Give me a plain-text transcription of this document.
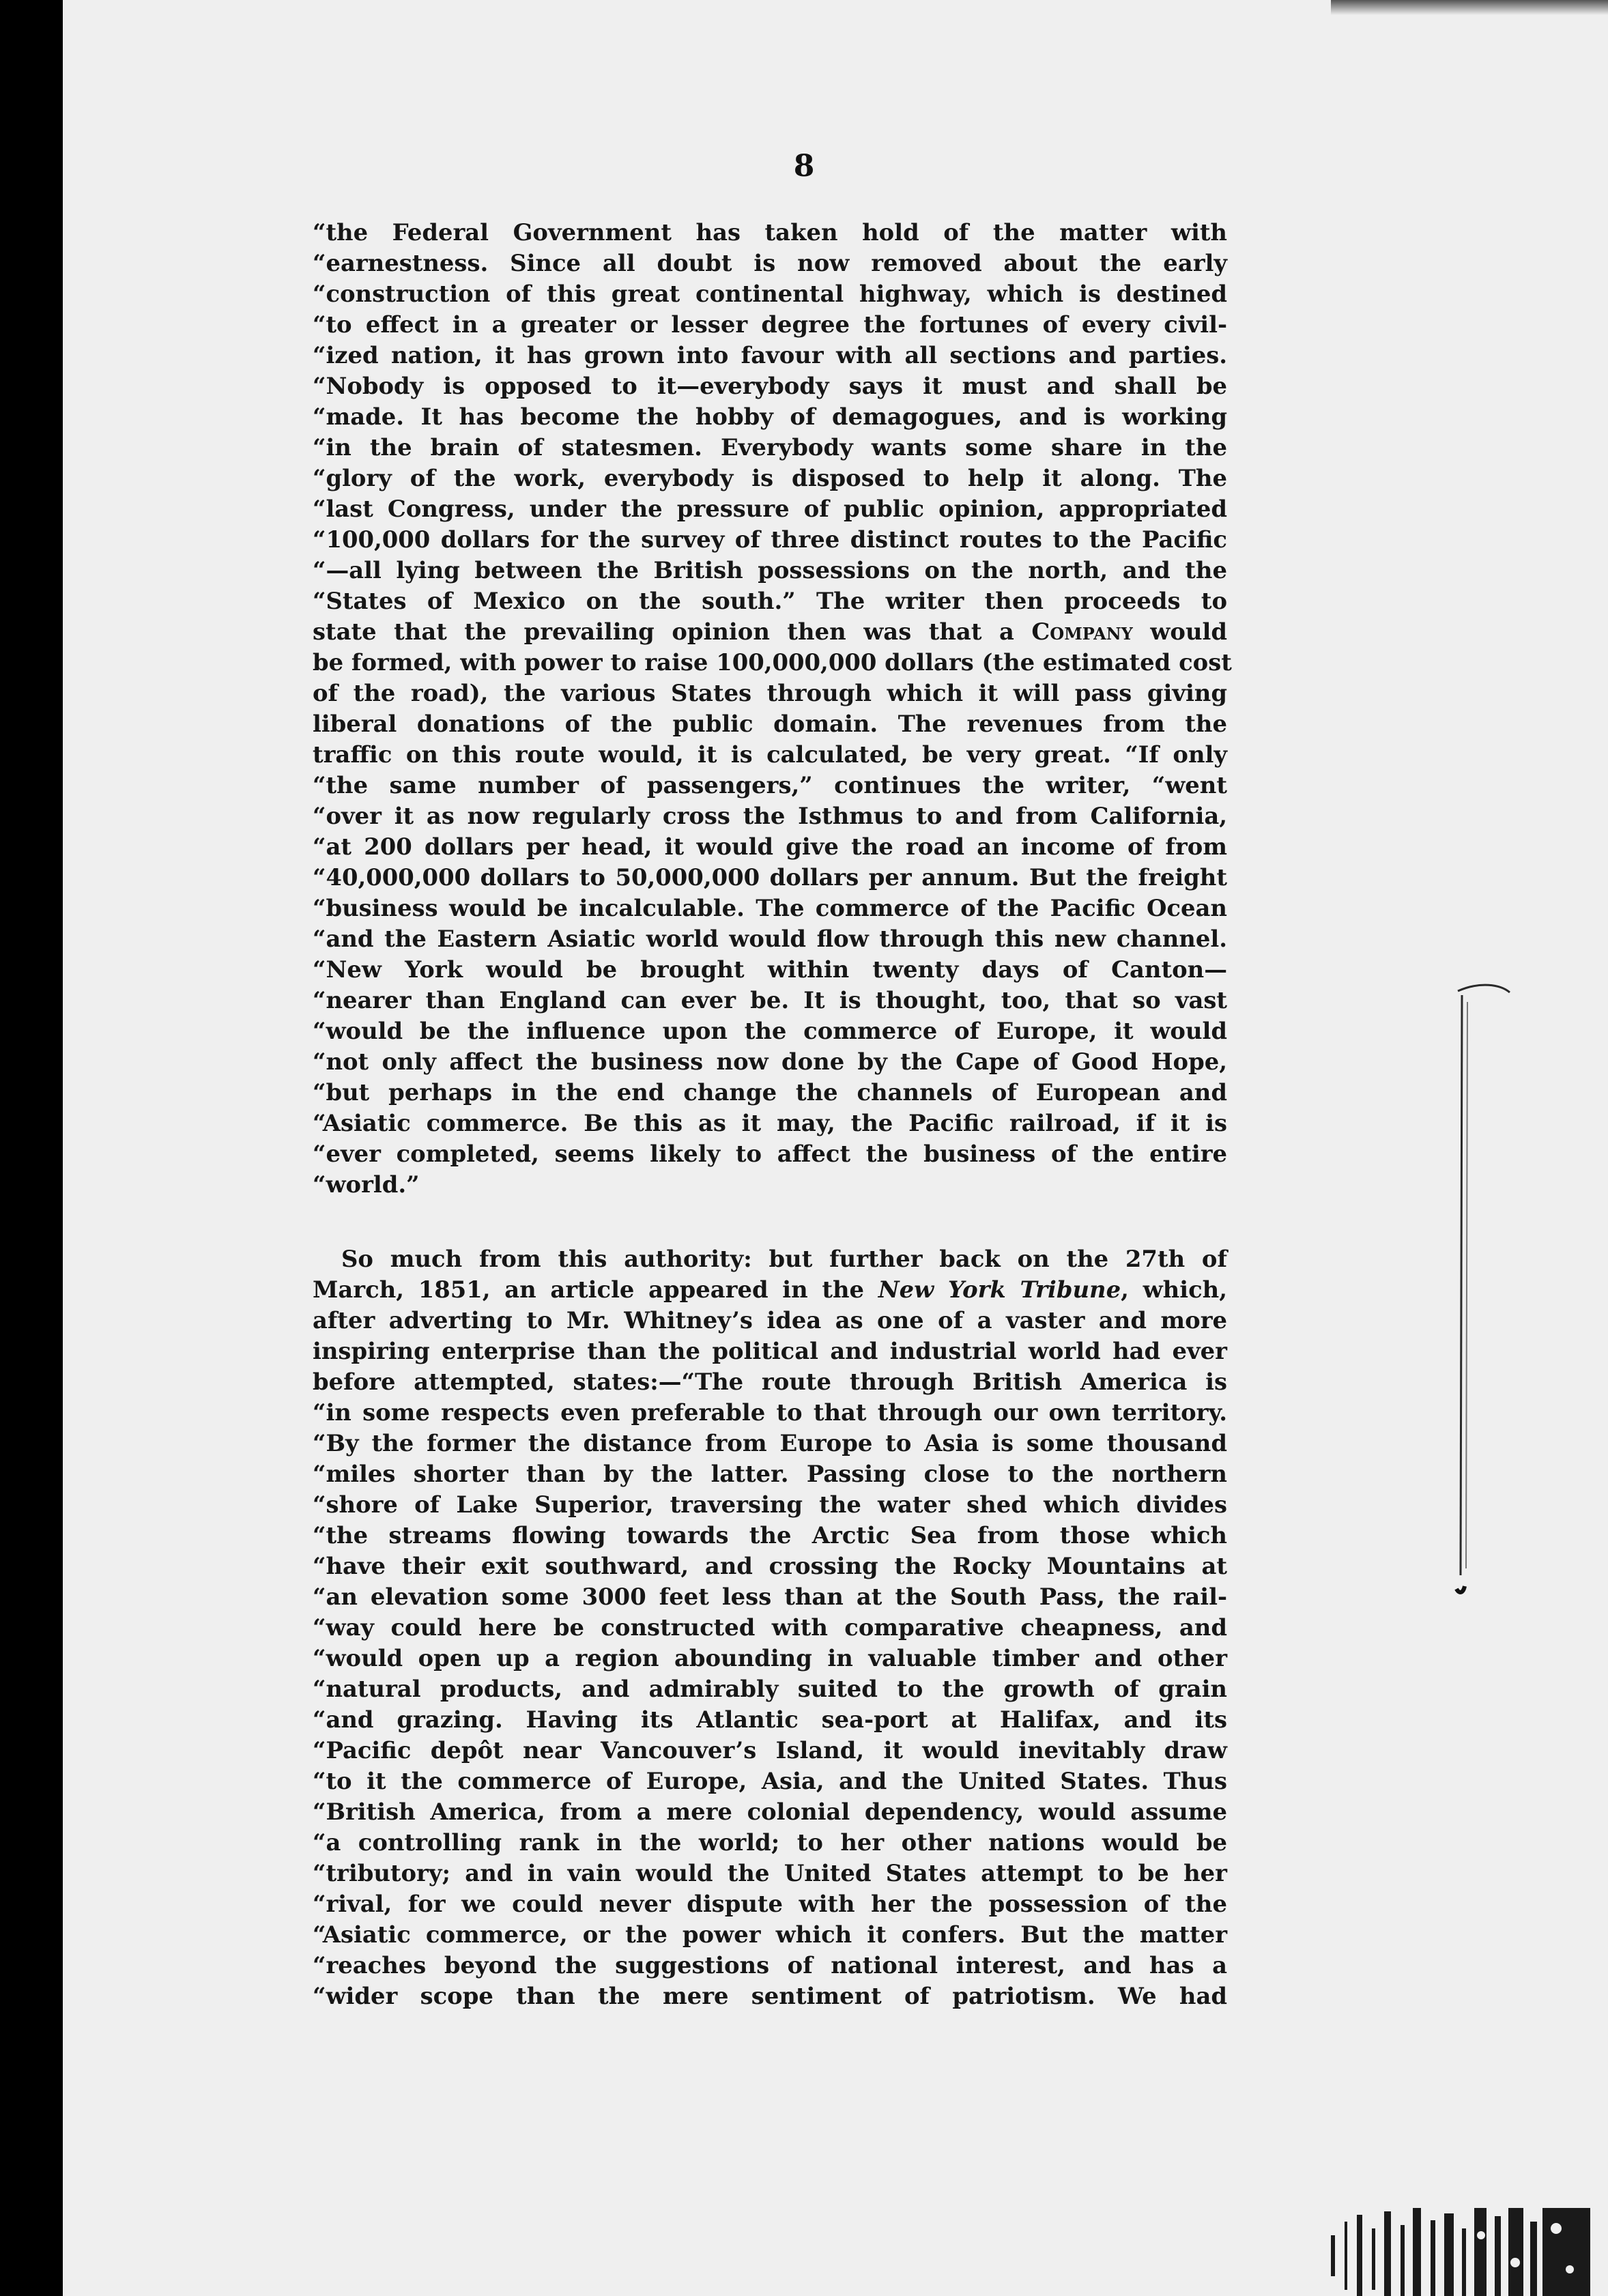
8

“the Federal Government has taken hold of the matter with
“earnestness. Since all doubt is now removed about the early
“construction of this great continental highway, which is destined
“to effect in a greater or lesser degree the fortunes of every civil-
“ized nation, it has grown into favour with all sections and parties.
“Nobody is opposed to it—everybody says it must and shall be
“made. It has become the hobby of demagogues, and is working
“in the brain of statesmen. Everybody wants some share in the
“glory of the work, everybody is disposed to help it along. The
“last Congress, under the pressure of public opinion, appropriated
“100,000 dollars for the survey of three distinct routes to the Pacific
“—all lying between the British possessions on the north, and the
“States of Mexico on the south.” The writer then proceeds to
state that the prevailing opinion then was that a Company would
be formed, with power to raise 100,000,000 dollars (the estimated cost
of the road), the various States through which it will pass giving
liberal donations of the public domain. The revenues from the
traffic on this route would, it is calculated, be very great. “If only
“the same number of passengers,” continues the writer, “went
“over it as now regularly cross the Isthmus to and from California,
“at 200 dollars per head, it would give the road an income of from
“40,000,000 dollars to 50,000,000 dollars per annum. But the freight
“business would be incalculable. The commerce of the Pacific Ocean
“and the Eastern Asiatic world would flow through this new channel.
“New York would be brought within twenty days of Canton—
“nearer than England can ever be. It is thought, too, that so vast
“would be the influence upon the commerce of Europe, it would
“not only affect the business now done by the Cape of Good Hope,
“but perhaps in the end change the channels of European and
“Asiatic commerce. Be this as it may, the Pacific railroad, if it is
“ever completed, seems likely to affect the business of the entire
“world.”
So much from this authority: but further back on the 27th of
March, 1851, an article appeared in the New York Tribune, which,
after adverting to Mr. Whitney’s idea as one of a vaster and more
inspiring enterprise than the political and industrial world had ever
before attempted, states:—“The route through British America is
“in some respects even preferable to that through our own territory.
“By the former the distance from Europe to Asia is some thousand
“miles shorter than by the latter. Passing close to the northern
“shore of Lake Superior, traversing the water shed which divides
“the streams flowing towards the Arctic Sea from those which
“have their exit southward, and crossing the Rocky Mountains at
“an elevation some 3000 feet less than at the South Pass, the rail-
“way could here be constructed with comparative cheapness, and
“would open up a region abounding in valuable timber and other
“natural products, and admirably suited to the growth of grain
“and grazing. Having its Atlantic sea-port at Halifax, and its
“Pacific depôt near Vancouver’s Island, it would inevitably draw
“to it the commerce of Europe, Asia, and the United States. Thus
“British America, from a mere colonial dependency, would assume
“a controlling rank in the world; to her other nations would be
“tributory; and in vain would the United States attempt to be her
“rival, for we could never dispute with her the possession of the
“Asiatic commerce, or the power which it confers. But the matter
“reaches beyond the suggestions of national interest, and has a
“wider scope than the mere sentiment of patriotism. We had
